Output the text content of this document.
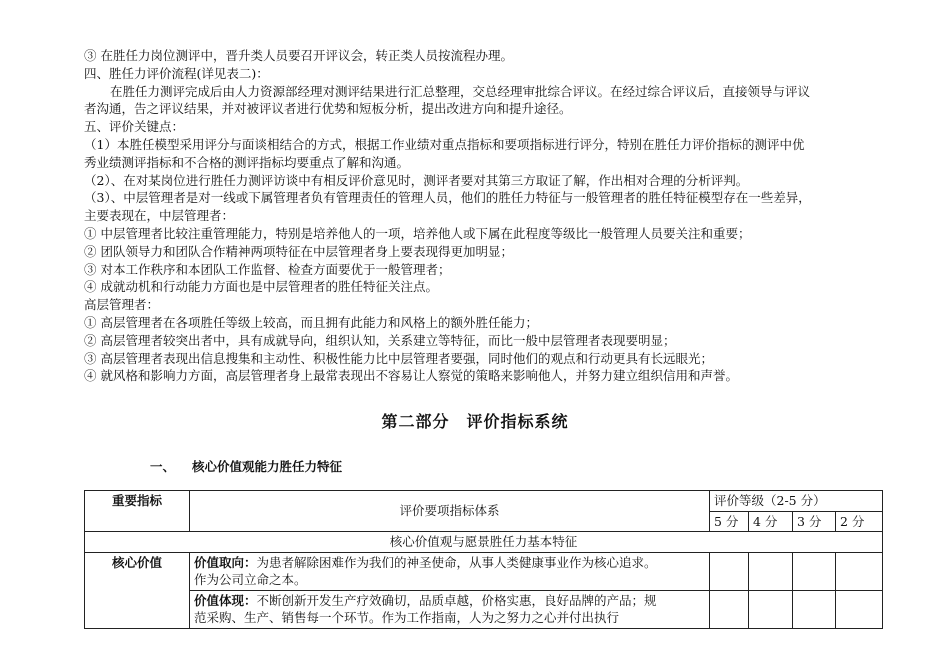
③ 在胜任力岗位测评中，晋升类人员要召开评议会，转正类人员按流程办理。
四、胜任力评价流程(详见表二)：
在胜任力测评完成后由人力资源部经理对测评结果进行汇总整理，交总经理审批综合评议。在经过综合评议后，直接领导与评议
者沟通，告之评议结果，并对被评议者进行优势和短板分析，提出改进方向和提升途径。
五、评价关键点：
（1）本胜任模型采用评分与面谈相结合的方式，根据工作业绩对重点指标和要项指标进行评分，特别在胜任力评价指标的测评中优
秀业绩测评指标和不合格的测评指标均要重点了解和沟通。
（2）、在对某岗位进行胜任力测评访谈中有相反评价意见时，测评者要对其第三方取证了解，作出相对合理的分析评判。
（3）、中层管理者是对一线或下属管理者负有管理责任的管理人员，他们的胜任力特征与一般管理者的胜任特征模型存在一些差异，
主要表现在，中层管理者：
① 中层管理者比较注重管理能力，特别是培养他人的一项，培养他人或下属在此程度等级比一般管理人员要关注和重要；
② 团队领导力和团队合作精神两项特征在中层管理者身上要表现得更加明显；
③ 对本工作秩序和本团队工作监督、检查方面要优于一般管理者；
④ 成就动机和行动能力方面也是中层管理者的胜任特征关注点。
高层管理者：
① 高层管理者在各项胜任等级上较高，而且拥有此能力和风格上的额外胜任能力；
② 高层管理者较突出者中，具有成就导向，组织认知，关系建立等特征，而比一般中层管理者表现要明显；
③ 高层管理者表现出信息搜集和主动性、积极性能力比中层管理者要强，同时他们的观点和行动更具有长远眼光；
④ 就风格和影响力方面，高层管理者身上最常表现出不容易让人察觉的策略来影响他人，并努力建立组织信用和声誉。
第二部分　评价指标系统
一、 核心价值观能力胜任力特征
重要指标	评价要项指标体系	评价等级（2-5 分）			
		5 分	4 分	3 分	2 分
核心价值观与愿景胜任力基本特征					
核心价值	价值取向：为患者解除困难作为我们的神圣使命，从事人类健康事业作为核心追求。
作为公司立命之本。				

	价值体现：不断创新开发生产疗效确切，品质卓越，价格实惠，良好品牌的产品；规
范采购、生产、销售每一个环节。作为工作指南，人为之努力之心并付出执行				
